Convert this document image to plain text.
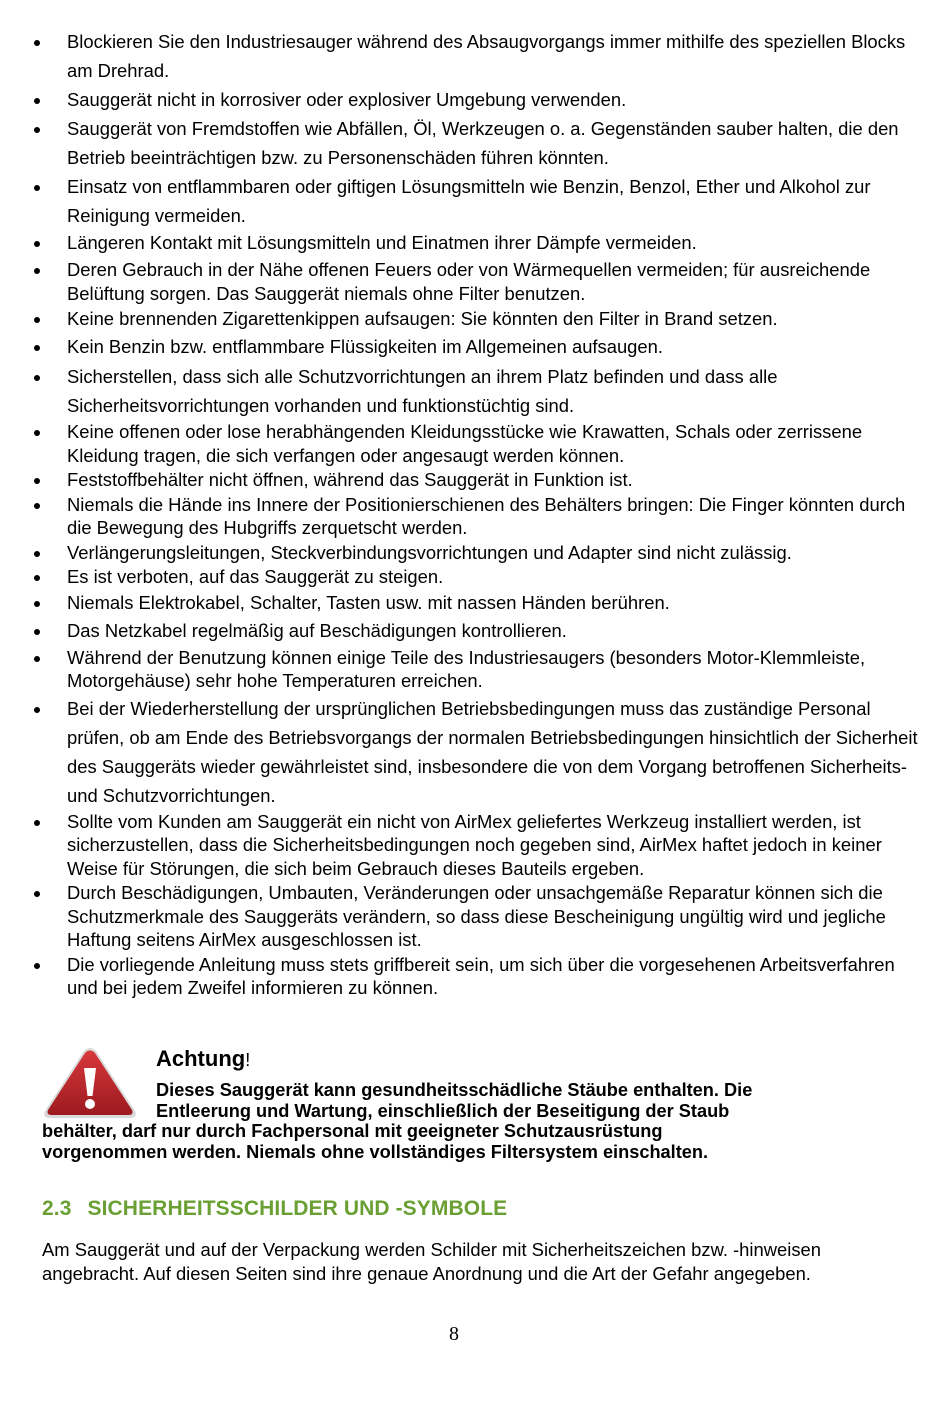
Blockieren Sie den Industriesauger während des Absaugvorgangs immer mithilfe des speziellen Blocks am Drehrad.
Sauggerät nicht in korrosiver oder explosiver Umgebung verwenden.
Sauggerät von Fremdstoffen wie Abfällen, Öl, Werkzeugen o. a. Gegenständen sauber halten, die den Betrieb beeinträchtigen bzw. zu Personenschäden führen könnten.
Einsatz von entflammbaren oder giftigen Lösungsmitteln wie Benzin, Benzol, Ether und Alkohol zur Reinigung vermeiden.
Längeren Kontakt mit Lösungsmitteln und Einatmen ihrer Dämpfe vermeiden.
Deren Gebrauch in der Nähe offenen Feuers oder von Wärmequellen vermeiden; für ausreichende Belüftung sorgen. Das Sauggerät niemals ohne Filter benutzen.
Keine brennenden Zigarettenkippen aufsaugen: Sie könnten den Filter in Brand setzen.
Kein Benzin bzw. entflammbare Flüssigkeiten im Allgemeinen aufsaugen.
Sicherstellen, dass sich alle Schutzvorrichtungen an ihrem Platz befinden und dass alle Sicherheitsvorrichtungen vorhanden und funktionstüchtig sind.
Keine offenen oder lose herabhängenden Kleidungsstücke wie Krawatten, Schals oder zerrissene Kleidung tragen, die sich verfangen oder angesaugt werden können.
Feststoffbehälter nicht öffnen, während das Sauggerät in Funktion ist.
Niemals die Hände ins Innere der Positionierschienen des Behälters bringen: Die Finger könnten durch die Bewegung des Hubgriffs zerquetscht werden.
Verlängerungsleitungen, Steckverbindungsvorrichtungen und Adapter sind nicht zulässig.
Es ist verboten, auf das Sauggerät zu steigen.
Niemals Elektrokabel, Schalter, Tasten usw. mit nassen Händen berühren.
Das Netzkabel regelmäßig auf Beschädigungen kontrollieren.
Während der Benutzung können einige Teile des Industriesaugers (besonders Motor-Klemmleiste, Motorgehäuse) sehr hohe Temperaturen erreichen.
Bei der Wiederherstellung der ursprünglichen Betriebsbedingungen muss das zuständige Personal prüfen, ob am Ende des Betriebsvorgangs der normalen Betriebsbedingungen hinsichtlich der Sicherheit des Sauggeräts wieder gewährleistet sind, insbesondere die von dem Vorgang betroffenen Sicherheits- und Schutzvorrichtungen.
Sollte vom Kunden am Sauggerät ein nicht von AirMex geliefertes Werkzeug installiert werden, ist sicherzustellen, dass die Sicherheitsbedingungen noch gegeben sind, AirMex haftet jedoch in keiner Weise für Störungen, die sich beim Gebrauch dieses Bauteils ergeben.
Durch Beschädigungen, Umbauten, Veränderungen oder unsachgemäße Reparatur können sich die Schutzmerkmale des Sauggeräts verändern, so dass diese Bescheinigung ungültig wird und jegliche Haftung seitens AirMex ausgeschlossen ist.
Die vorliegende Anleitung muss stets griffbereit sein, um sich über die vorgesehenen Arbeitsverfahren und bei jedem Zweifel informieren zu können.
Achtung!
Dieses Sauggerät kann gesundheitsschädliche Stäube enthalten. Die
Entleerung und Wartung, einschließlich der Beseitigung der Staub
behälter, darf nur durch Fachpersonal mit geeigneter Schutzausrüstung
vorgenommen werden. Niemals ohne vollständiges Filtersystem einschalten.
2.3 SICHERHEITSSCHILDER UND -SYMBOLE
Am Sauggerät und auf der Verpackung werden Schilder mit Sicherheitszeichen bzw. -hinweisen angebracht. Auf diesen Seiten sind ihre genaue Anordnung und die Art der Gefahr angegeben.
8
